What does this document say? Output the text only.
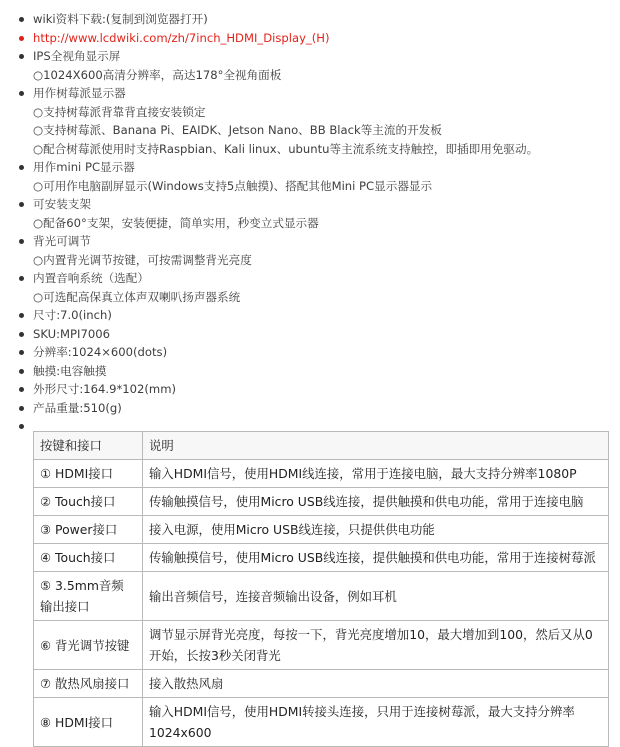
wiki资料下载:(复制到浏览器打开)
http://www.lcdwiki.com/zh/7inch_HDMI_Display_(H)
IPS全视角显示屏
○1024X600高清分辨率，高达178°全视角面板
用作树莓派显示器
○支持树莓派背靠背直接安装锁定
○支持树莓派、Banana Pi、EAIDK、Jetson Nano、BB Black等主流的开发板
○配合树莓派使用时支持Raspbian、Kali linux、ubuntu等主流系统支持触控，即插即用免驱动。
用作mini PC显示器
○可用作电脑副屏显示(Windows支持5点触摸)、搭配其他Mini PC显示器显示
可安装支架
○配备60°支架，安装便捷，简单实用，秒变立式显示器
背光可调节
○内置背光调节按键，可按需调整背光亮度
内置音响系统（选配）
○可选配高保真立体声双喇叭扬声器系统
尺寸:7.0(inch)
SKU:MPI7006
分辨率:1024×600(dots)
触摸:电容触摸
外形尺寸:164.9*102(mm)
产品重量:510(g)
按键和接口	说明
① HDMI接口	输入HDMI信号，使用HDMI线连接，常用于连接电脑，最大支持分辨率1080P
② Touch接口	传输触摸信号，使用Micro USB线连接，提供触摸和供电功能，常用于连接电脑
③ Power接口	接入电源，使用Micro USB线连接，只提供供电功能
④ Touch接口	传输触摸信号，使用Micro USB线连接，提供触摸和供电功能，常用于连接树莓派
⑤ 3.5mm音频输出接口	输出音频信号，连接音频输出设备，例如耳机
⑥ 背光调节按键	调节显示屏背光亮度，每按一下，背光亮度增加10，最大增加到100，然后又从0开始，长按3秒关闭背光
⑦ 散热风扇接口	接入散热风扇
⑧ HDMI接口	输入HDMI信号，使用HDMI转接头连接，只用于连接树莓派，最大支持分辨率1024x600
